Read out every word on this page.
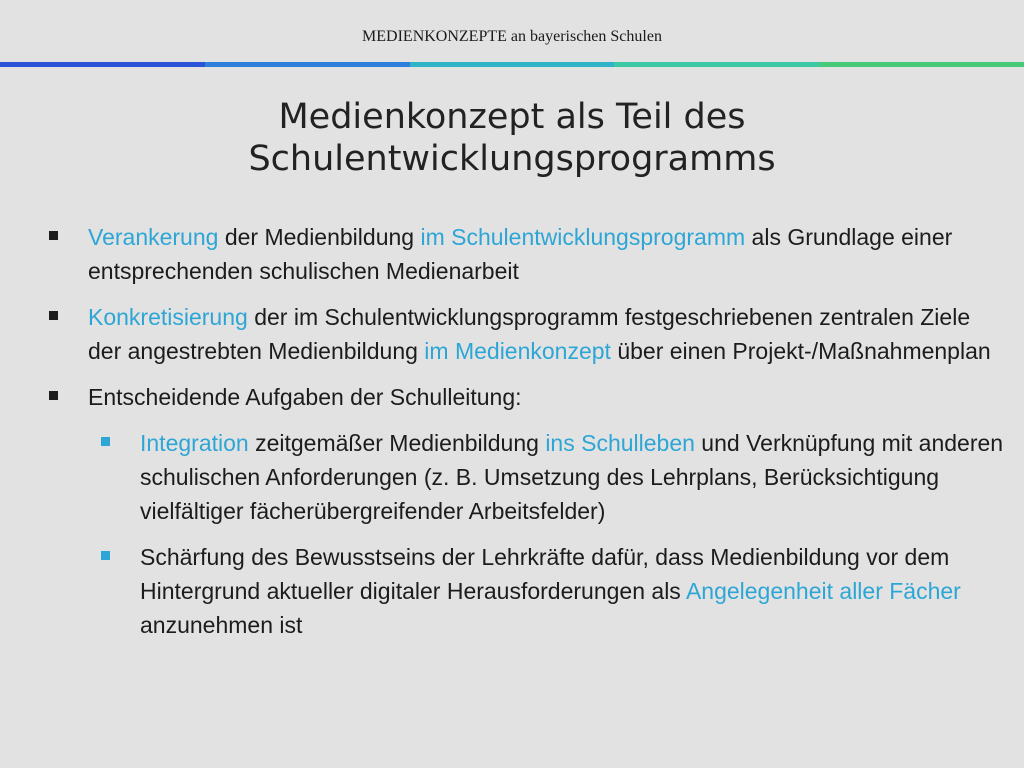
MEDIENKONZEPTE an bayerischen Schulen
Medienkonzept als Teil des
Schulentwicklungsprogramms
Verankerung der Medienbildung im Schulentwicklungsprogramm als Grundlage einer entsprechenden schulischen Medienarbeit
Konkretisierung der im Schulentwicklungsprogramm festgeschriebenen zentralen Ziele der angestrebten Medienbildung im Medienkonzept über einen Projekt-/Maßnahmenplan
Entscheidende Aufgaben der Schulleitung:
Integration zeitgemäßer Medienbildung ins Schulleben und Verknüpfung mit anderen schulischen Anforderungen (z. B. Umsetzung des Lehrplans, Berücksichtigung vielfältiger fächerübergreifender Arbeitsfelder)
Schärfung des Bewusstseins der Lehrkräfte dafür, dass Medienbildung vor dem Hintergrund aktueller digitaler Herausforderungen als Angelegenheit aller Fächer anzunehmen ist
